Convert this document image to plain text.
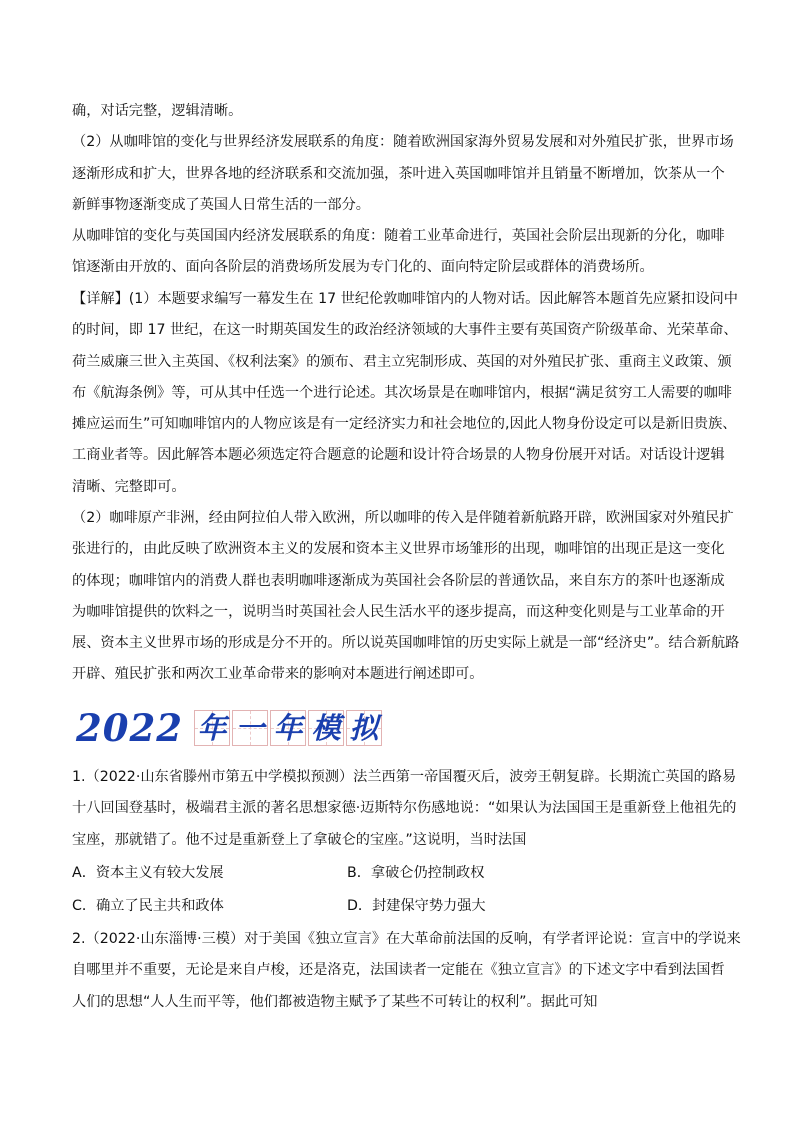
确，对话完整，逻辑清晰。
（2）从咖啡馆的变化与世界经济发展联系的角度：随着欧洲国家海外贸易发展和对外殖民扩张，世界市场
逐渐形成和扩大，世界各地的经济联系和交流加强，茶叶进入英国咖啡馆并且销量不断增加，饮茶从一个
新鲜事物逐渐变成了英国人日常生活的一部分。
从咖啡馆的变化与英国国内经济发展联系的角度：随着工业革命进行，英国社会阶层出现新的分化，咖啡
馆逐渐由开放的、面向各阶层的消费场所发展为专门化的、面向特定阶层或群体的消费场所。
【详解】(1）本题要求编写一幕发生在 17 世纪伦敦咖啡馆内的人物对话。因此解答本题首先应紧扣设问中
的时间，即 17 世纪，在这一时期英国发生的政治经济领域的大事件主要有英国资产阶级革命、光荣革命、
荷兰威廉三世入主英国、《权利法案》的颁布、君主立宪制形成、英国的对外殖民扩张、重商主义政策、颁
布《航海条例》等，可从其中任选一个进行论述。其次场景是在咖啡馆内，根据“满足贫穷工人需要的咖啡
摊应运而生”可知咖啡馆内的人物应该是有一定经济实力和社会地位的,因此人物身份设定可以是新旧贵族、
工商业者等。因此解答本题必须选定符合题意的论题和设计符合场景的人物身份展开对话。对话设计逻辑
清晰、完整即可。
（2）咖啡原产非洲，经由阿拉伯人带入欧洲，所以咖啡的传入是伴随着新航路开辟，欧洲国家对外殖民扩
张进行的，由此反映了欧洲资本主义的发展和资本主义世界市场雏形的出现，咖啡馆的出现正是这一变化
的体现；咖啡馆内的消费人群也表明咖啡逐渐成为英国社会各阶层的普通饮品，来自东方的茶叶也逐渐成
为咖啡馆提供的饮料之一，说明当时英国社会人民生活水平的逐步提高，而这种变化则是与工业革命的开
展、资本主义世界市场的形成是分不开的。所以说英国咖啡馆的历史实际上就是一部“经济史”。结合新航路
开辟、殖民扩张和两次工业革命带来的影响对本题进行阐述即可。
2022 年 一 年 模 拟
1.（2022·山东省滕州市第五中学模拟预测）法兰西第一帝国覆灭后，波旁王朝复辟。长期流亡英国的路易
十八回国登基时，极端君主派的著名思想家德·迈斯特尔伤感地说：“如果认为法国国王是重新登上他祖先的
宝座，那就错了。他不过是重新登上了拿破仑的宝座。”这说明，当时法国
A．资本主义有较大发展	B．拿破仑仍控制政权
C．确立了民主共和政体	D．封建保守势力强大
2.（2022·山东淄博·三模）对于美国《独立宣言》在大革命前法国的反响，有学者评论说：宣言中的学说来
自哪里并不重要，无论是来自卢梭，还是洛克，法国读者一定能在《独立宣言》的下述文字中看到法国哲
人们的思想“人人生而平等，他们都被造物主赋予了某些不可转让的权利”。据此可知
